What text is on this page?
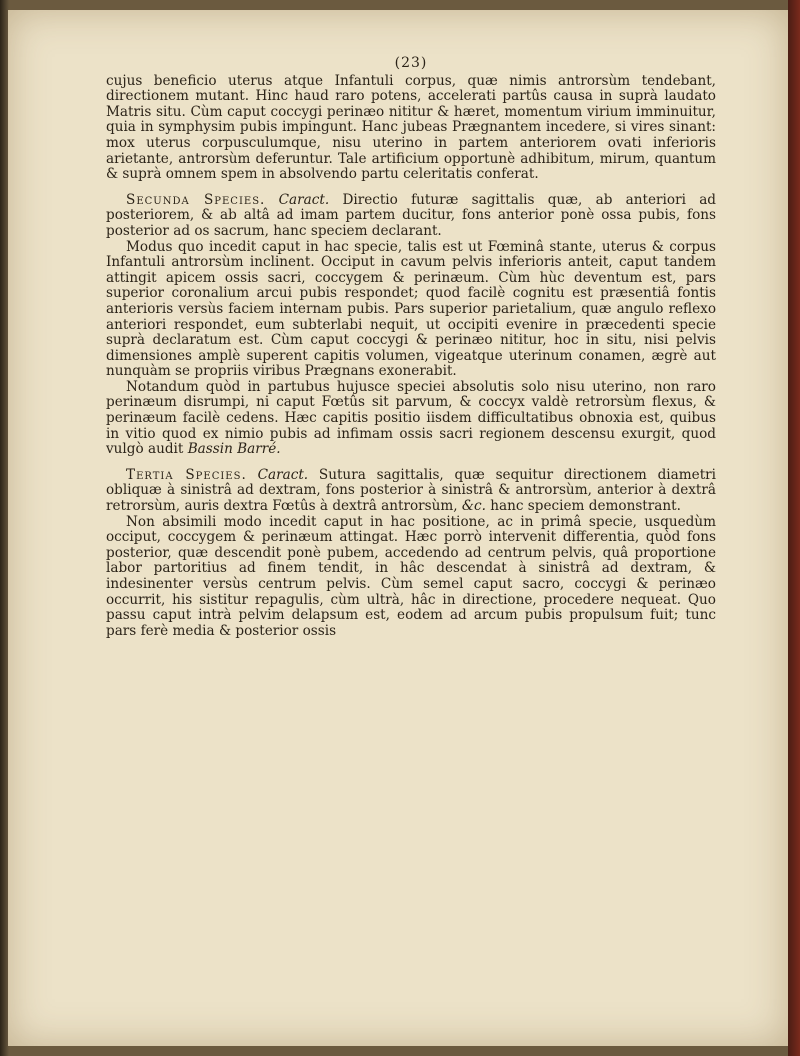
(23)

cujus beneficio uterus atque Infantuli corpus, quæ nimis antrorsùm tendebant, directionem mutant. Hinc haud raro potens, accelerati partûs causa in suprà laudato Matris situ. Cùm caput coccygi perinæo nititur & hæret, momentum virium imminuitur, quia in symphysim pubis impingunt. Hanc jubeas Prægnantem incedere, si vires sinant: mox uterus corpusculumque, nisu uterino in partem anteriorem ovati inferioris arietante, antrorsùm deferuntur. Tale artificium opportunè adhibitum, mirum, quantum & suprà omnem spem in absolvendo partu celeritatis conferat.

Secunda Species. Caract. Directio futuræ sagittalis quæ, ab anteriori ad posteriorem, & ab altâ ad imam partem ducitur, fons anterior ponè ossa pubis, fons posterior ad os sacrum, hanc speciem declarant.

Modus quo incedit caput in hac specie, talis est ut Fœminâ stante, uterus & corpus Infantuli antrorsùm inclinent. Occiput in cavum pelvis inferioris anteit, caput tandem attingit apicem ossis sacri, coccygem & perinæum. Cùm hùc deventum est, pars superior coronalium arcui pubis respondet; quod facilè cognitu est præsentiâ fontis anterioris versùs faciem internam pubis. Pars superior parietalium, quæ angulo reflexo anteriori respondet, eum subterlabi nequit, ut occipiti evenire in præcedenti specie suprà declaratum est. Cùm caput coccygi & perinæo nititur, hoc in situ, nisi pelvis dimensiones amplè superent capitis volumen, vigeatque uterinum conamen, ægrè aut nunquàm se propriis viribus Prægnans exonerabit.

Notandum quòd in partubus hujusce speciei absolutis solo nisu uterino, non raro perinæum disrumpi, ni caput Fœtûs sit parvum, & coccyx valdè retrorsùm flexus, & perinæum facilè cedens. Hæc capitis positio iisdem difficultatibus obnoxia est, quibus in vitio quod ex nimio pubis ad infimam ossis sacri regionem descensu exurgit, quod vulgò audit Bassin Barré.

Tertia Species. Caract. Sutura sagittalis, quæ sequitur directionem diametri obliquæ à sinistrâ ad dextram, fons posterior à sinistrâ & antrorsùm, anterior à dextrâ retrorsùm, auris dextra Fœtûs à dextrâ antrorsùm, &c. hanc speciem demonstrant.

Non absimili modo incedit caput in hac positione, ac in primâ specie, usquedùm occiput, coccygem & perinæum attingat. Hæc porrò intervenit differentia, quòd fons posterior, quæ descendit ponè pubem, accedendo ad centrum pelvis, quâ proportione labor partoritius ad finem tendit, in hâc descendat à sinistrâ ad dextram, & indesinenter versùs centrum pelvis. Cùm semel caput sacro, coccygi & perinæo occurrit, his sistitur repagulis, cùm ultrà, hâc in directione, procedere nequeat. Quo passu caput intrà pelvim delapsum est, eodem ad arcum pubis propulsum fuit; tunc pars ferè media & posterior ossis
